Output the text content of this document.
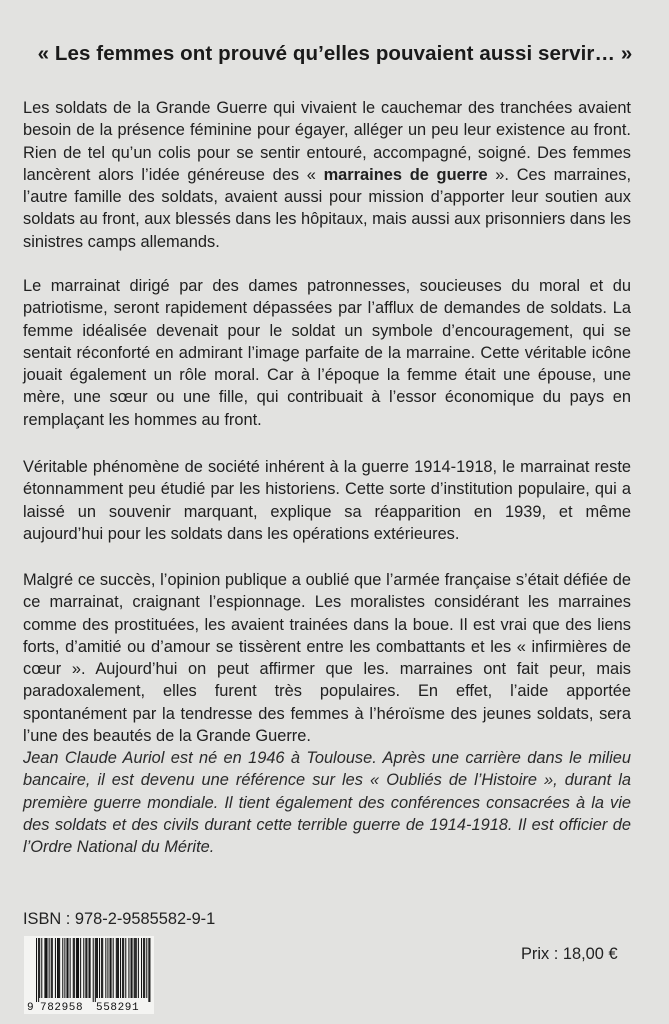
« Les femmes ont prouvé qu’elles pouvaient aussi servir… »
Les soldats de la Grande Guerre qui vivaient le cauchemar des tranchées avaient besoin de la présence féminine pour égayer, alléger un peu leur existence au front. Rien de tel qu’un colis pour se sentir entouré, accompagné, soigné. Des femmes lancèrent alors l’idée généreuse des « marraines de guerre ». Ces marraines, l’autre famille des soldats, avaient aussi pour mission d’apporter leur soutien aux soldats au front, aux blessés dans les hôpitaux, mais aussi aux prisonniers dans les sinistres camps allemands.
Le marrainat dirigé par des dames patronnesses, soucieuses du moral et du patriotisme, seront rapidement dépassées par l’afflux de demandes de soldats. La femme idéalisée devenait pour le soldat un symbole d’encouragement, qui se sentait réconforté en admirant l’image parfaite de la marraine. Cette véritable icône jouait également un rôle moral. Car à l’époque la femme était une épouse, une mère, une sœur ou une fille, qui contribuait à l’essor économique du pays en remplaçant les hommes au front.
Véritable phénomène de société inhérent à la guerre 1914-1918, le marrainat reste étonnamment peu étudié par les historiens. Cette sorte d’institution populaire, qui a laissé un souvenir marquant, explique sa réapparition en 1939, et même aujourd’hui pour les soldats dans les opérations extérieures.
Malgré ce succès, l’opinion publique a oublié que l’armée française s’était défiée de ce marrainat, craignant l’espionnage. Les moralistes considérant les marraines comme des prostituées, les avaient trainées dans la boue. Il est vrai que des liens forts, d’amitié ou d’amour se tissèrent entre les combattants et les « infirmières de cœur ». Aujourd’hui on peut affirmer que les. marraines ont fait peur, mais paradoxalement, elles furent très populaires. En effet, l’aide apportée spontanément par la tendresse des femmes à l’héroïsme des jeunes soldats, sera l’une des beautés de la Grande Guerre.
Jean Claude Auriol est né en 1946 à Toulouse. Après une carrière dans le milieu bancaire, il est devenu une référence sur les « Oubliés de l’Histoire », durant la première guerre mondiale. Il tient également des conférences consacrées à la vie des soldats et des civils durant cette terrible guerre de 1914-1918. Il est officier de l’Ordre National du Mérite.
ISBN : 978-2-9585582-9-1
9 782958 558291
Prix : 18,00 €
